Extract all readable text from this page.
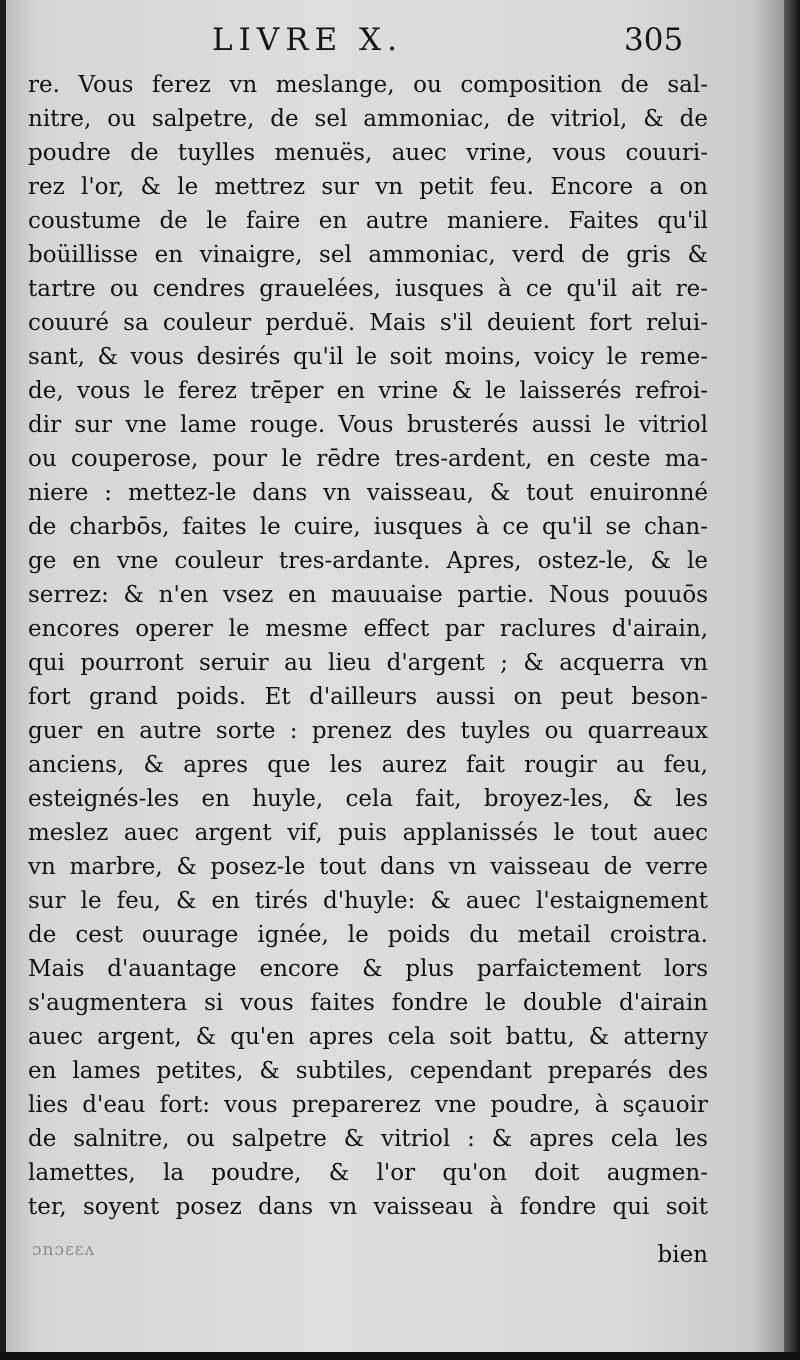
LIVRE X.	305
re. Vous ferez vn meslange, ou composition de sal-
nitre, ou salpetre, de sel ammoniac, de vitriol, & de
poudre de tuylles menuës, auec vrine, vous couuri-
rez l'or, & le mettrez sur vn petit feu. Encore a on
coustume de le faire en autre maniere. Faites qu'il
boüillisse en vinaigre, sel ammoniac, verd de gris &
tartre ou cendres grauelées, iusques à ce qu'il ait re-
couuré sa couleur perduë. Mais s'il deuient fort relui-
sant, & vous desirés qu'il le soit moins, voicy le reme-
de, vous le ferez trēper en vrine & le laisserés refroi-
dir sur vne lame rouge. Vous brusterés aussi le vitriol
ou couperose, pour le rēdre tres-ardent, en ceste ma-
niere : mettez-le dans vn vaisseau, & tout enuironné
de charbōs, faites le cuire, iusques à ce qu'il se chan-
ge en vne couleur tres-ardante. Apres, ostez-le, & le
serrez: & n'en vsez en mauuaise partie. Nous pouuōs
encores operer le mesme effect par raclures d'airain,
qui pourront seruir au lieu d'argent ; & acquerra vn
fort grand poids. Et d'ailleurs aussi on peut beson-
guer en autre sorte : prenez des tuyles ou quarreaux
anciens, & apres que les aurez fait rougir au feu,
esteignés-les en huyle, cela fait, broyez-les, & les
meslez auec argent vif, puis applanissés le tout auec
vn marbre, & posez-le tout dans vn vaisseau de verre
sur le feu, & en tirés d'huyle: & auec l'estaignement
de cest ouurage ignée, le poids du metail croistra.
Mais d'auantage encore & plus parfaictement lors
s'augmentera si vous faites fondre le double d'airain
auec argent, & qu'en apres cela soit battu, & atterny
en lames petites, & subtiles, cependant preparés des
lies d'eau fort: vous preparerez vne poudre, à sçauoir
de salnitre, ou salpetre & vitriol : & apres cela les
lamettes, la poudre, & l'or qu'on doit augmen-
ter, soyent posez dans vn vaisseau à fondre qui soit
ɔnɔɛɛʌ	bien
